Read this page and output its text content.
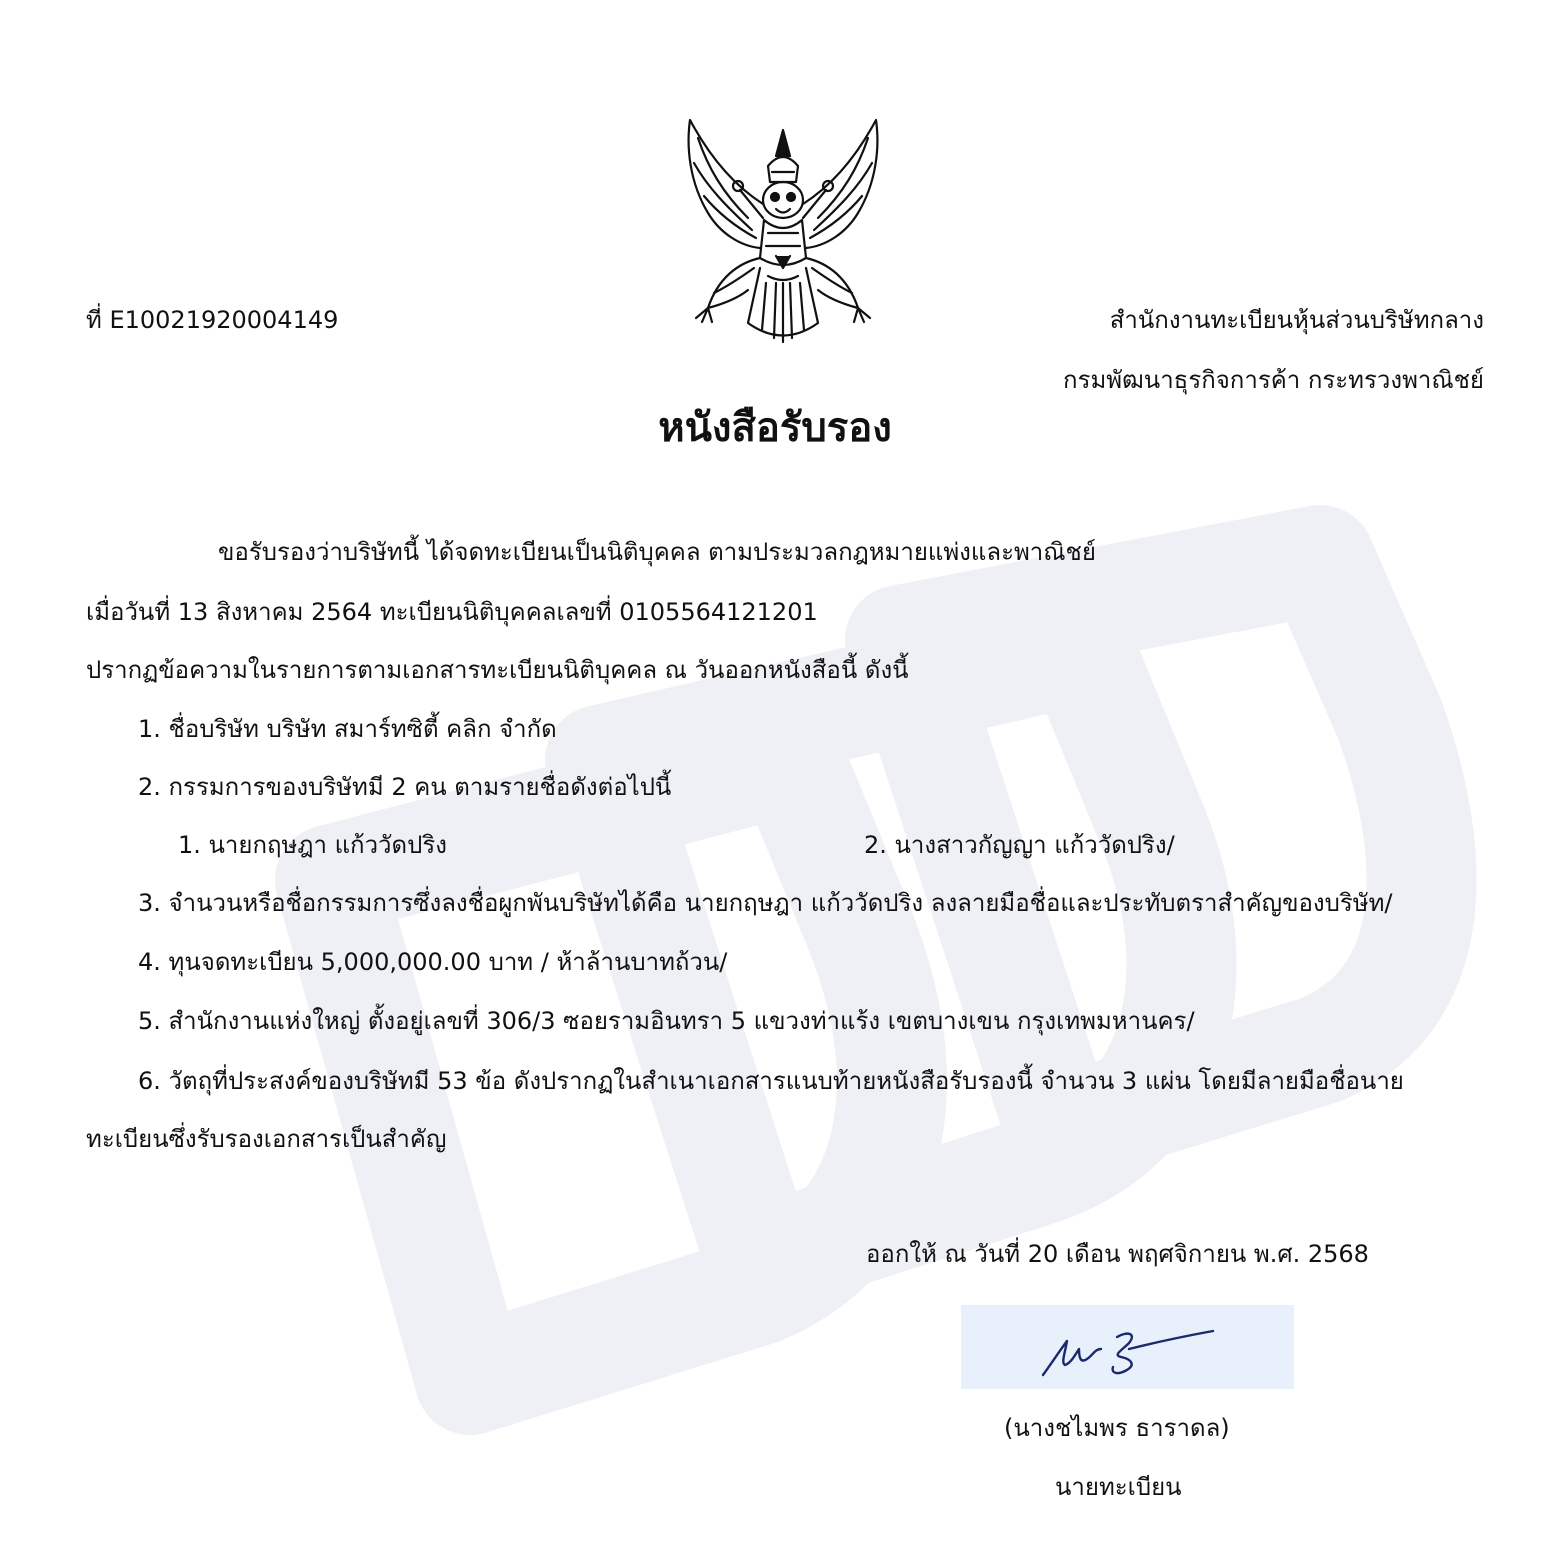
ที่ E10021920004149	สำนักงานทะเบียนหุ้นส่วนบริษัทกลาง
กรมพัฒนาธุรกิจการค้า กระทรวงพาณิชย์
หนังสือรับรอง
ขอรับรองว่าบริษัทนี้ ได้จดทะเบียนเป็นนิติบุคคล ตามประมวลกฎหมายแพ่งและพาณิชย์
เมื่อวันที่ 13 สิงหาคม 2564 ทะเบียนนิติบุคคลเลขที่ 0105564121201
ปรากฏข้อความในรายการตามเอกสารทะเบียนนิติบุคคล ณ วันออกหนังสือนี้ ดังนี้
1. ชื่อบริษัท บริษัท สมาร์ทซิตี้ คลิก จำกัด
2. กรรมการของบริษัทมี 2 คน ตามรายชื่อดังต่อไปนี้
1. นายกฤษฎา แก้ววัดปริง	2. นางสาวกัญญา แก้ววัดปริง/
3. จำนวนหรือชื่อกรรมการซึ่งลงชื่อผูกพันบริษัทได้คือ นายกฤษฎา แก้ววัดปริง ลงลายมือชื่อและประทับตราสำคัญของบริษัท/
4. ทุนจดทะเบียน 5,000,000.00 บาท / ห้าล้านบาทถ้วน/
5. สำนักงานแห่งใหญ่ ตั้งอยู่เลขที่ 306/3 ซอยรามอินทรา 5 แขวงท่าแร้ง เขตบางเขน กรุงเทพมหานคร/
6. วัตถุที่ประสงค์ของบริษัทมี 53 ข้อ ดังปรากฏในสำเนาเอกสารแนบท้ายหนังสือรับรองนี้ จำนวน 3 แผ่น โดยมีลายมือชื่อนาย
ทะเบียนซึ่งรับรองเอกสารเป็นสำคัญ
ออกให้ ณ วันที่ 20 เดือน พฤศจิกายน พ.ศ. 2568
(นางชไมพร ธาราดล)
นายทะเบียน
